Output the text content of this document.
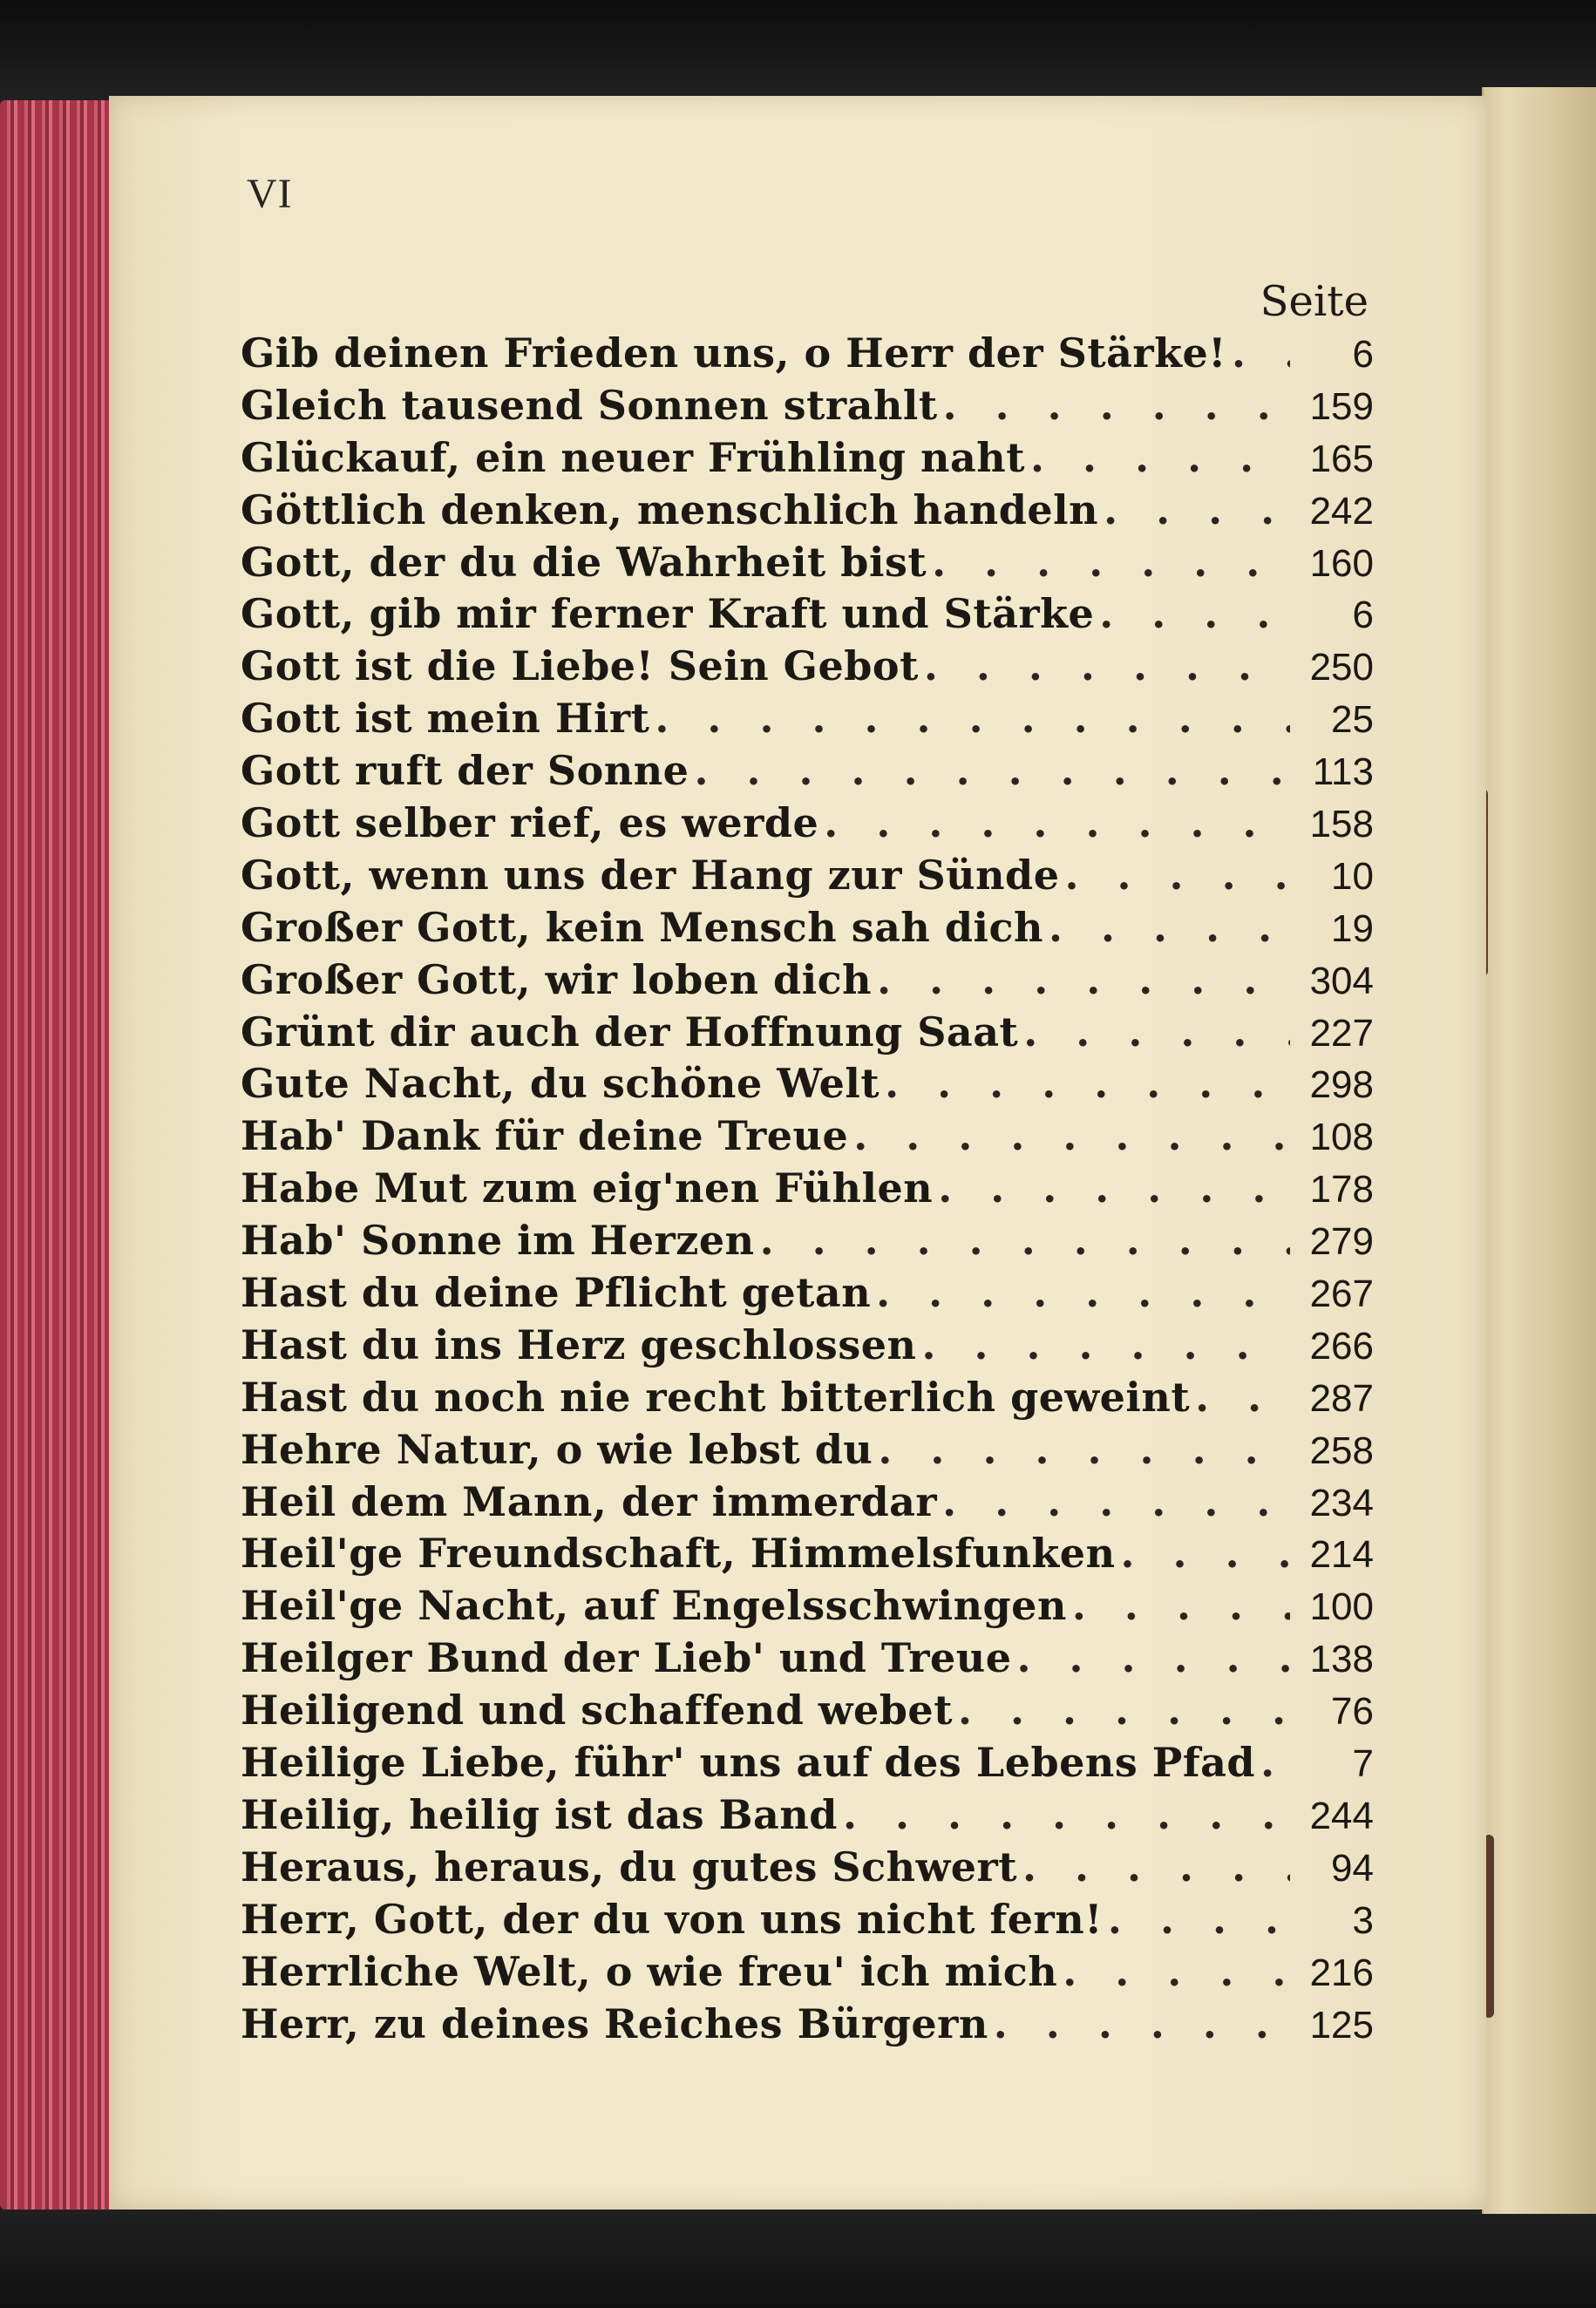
VI
Seite
Gib deinen Frieden uns, o Herr der Stärke! . . .	6
Gleich tausend Sonnen strahlt . . .	159
Glückauf, ein neuer Frühling naht . . .	165
Göttlich denken, menschlich handeln . . .	242
Gott, der du die Wahrheit bist . . .	160
Gott, gib mir ferner Kraft und Stärke . . .	6
Gott ist die Liebe! Sein Gebot . . .	250
Gott ist mein Hirt . . .	25
Gott ruft der Sonne . . .	113
Gott selber rief, es werde . . .	158
Gott, wenn uns der Hang zur Sünde . . .	10
Großer Gott, kein Mensch sah dich . . .	19
Großer Gott, wir loben dich . . .	304
Grünt dir auch der Hoffnung Saat . . .	227
Gute Nacht, du schöne Welt . . .	298
Hab' Dank für deine Treue . . .	108
Habe Mut zum eig'nen Fühlen . . .	178
Hab' Sonne im Herzen . . .	279
Hast du deine Pflicht getan . . .	267
Hast du ins Herz geschlossen . . .	266
Hast du noch nie recht bitterlich geweint . . .	287
Hehre Natur, o wie lebst du . . .	258
Heil dem Mann, der immerdar . . .	234
Heil'ge Freundschaft, Himmelsfunken . . .	214
Heil'ge Nacht, auf Engelsschwingen . . .	100
Heilger Bund der Lieb' und Treue . . .	138
Heiligend und schaffend webet . . .	76
Heilige Liebe, führ' uns auf des Lebens Pfad . . .	7
Heilig, heilig ist das Band . . .	244
Heraus, heraus, du gutes Schwert . . .	94
Herr, Gott, der du von uns nicht fern! . . .	3
Herrliche Welt, o wie freu' ich mich . . .	216
Herr, zu deines Reiches Bürgern . . .	125
